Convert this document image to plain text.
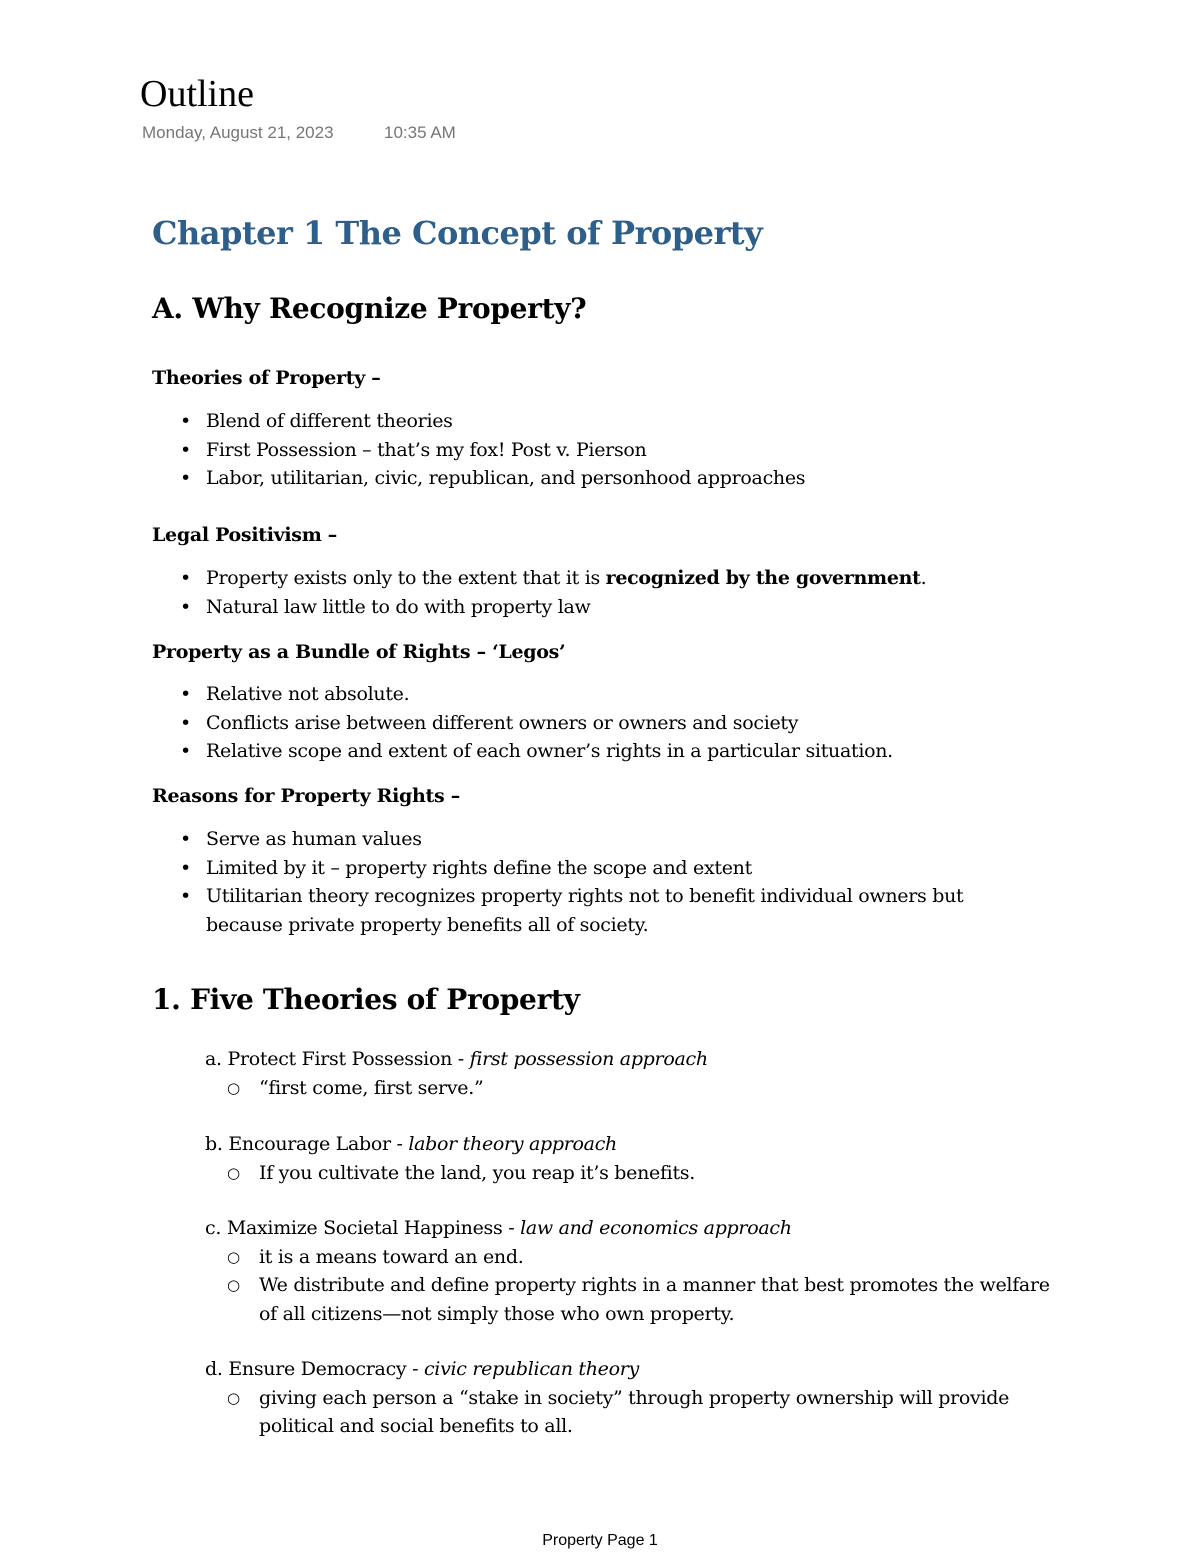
Outline
Monday, August 21, 2023	10:35 AM
Chapter 1 The Concept of Property
A. Why Recognize Property?
Theories of Property –
• Blend of different theories
• First Possession – that’s my fox! Post v. Pierson
• Labor, utilitarian, civic, republican, and personhood approaches
Legal Positivism –
• Property exists only to the extent that it is recognized by the government.
• Natural law little to do with property law
Property as a Bundle of Rights – ‘Legos’
• Relative not absolute.
• Conflicts arise between different owners or owners and society
• Relative scope and extent of each owner’s rights in a particular situation.
Reasons for Property Rights –
• Serve as human values
• Limited by it – property rights define the scope and extent
• Utilitarian theory recognizes property rights not to benefit individual owners but because private property benefits all of society.
1. Five Theories of Property
a. Protect First Possession - first possession approach
○ “first come, first serve.”
b. Encourage Labor - labor theory approach
○ If you cultivate the land, you reap it’s benefits.
c. Maximize Societal Happiness - law and economics approach
○ it is a means toward an end.
○ We distribute and define property rights in a manner that best promotes the welfare of all citizens—not simply those who own property.
d. Ensure Democracy - civic republican theory
○ giving each person a “stake in society” through property ownership will provide political and social benefits to all.
Property Page 1
